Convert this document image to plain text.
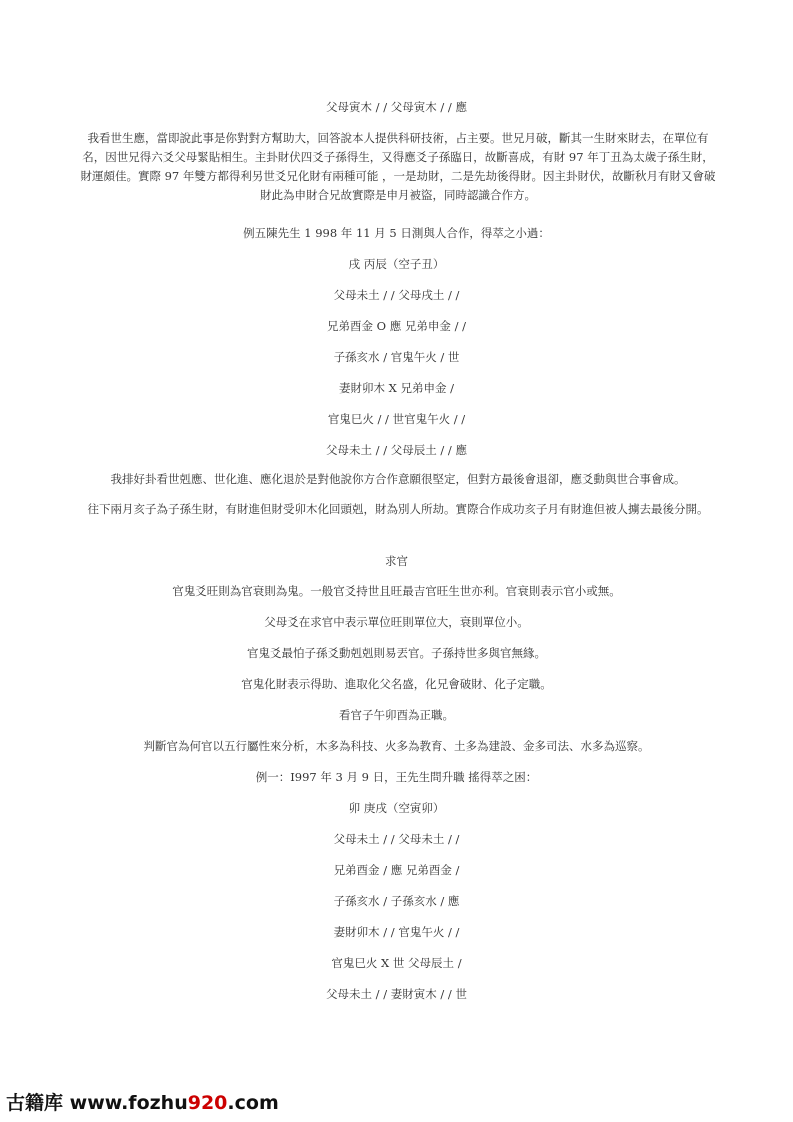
父母寅木 / / 父母寅木 / / 應
我看世生應，當即說此事是你對對方幫助大，回答說本人提供科研技術，占主要。世兄月破，斷其一生財來財去，在單位有名，因世兄得六爻父母緊貼相生。主卦財伏四爻子孫得生，又得應爻子孫臨日，故斷喜成，有財 97 年丁丑為太歲子孫生財，財運頗佳。實際 97 年雙方都得利另世爻兄化財有兩種可能 ，一是劫財，二是先劫後得財。因主卦財伏，故斷秋月有財又會破財此為申財合兄故實際是申月被盜，同時認識合作方。
例五陳先生 1 998 年 11 月 5 日測與人合作，得萃之小過：
戌 丙辰（空子丑）
父母未土 / / 父母戌土 / /
兄弟酉金 O 應 兄弟申金 / /
子孫亥水 / 官鬼午火 / 世
妻財卯木 X 兄弟申金 /
官鬼巳火 / / 世官鬼午火 / /
父母未土 / / 父母辰土 / / 應
我排好卦看世剋應、世化進、應化退於是對他說你方合作意願很堅定，但對方最後會退卻，應爻動與世合事會成。
往下兩月亥子為子孫生財，有財進但財受卯木化回頭剋，財為別人所劫。實際合作成功亥子月有財進但被人擄去最後分開。
求官
官鬼爻旺則為官衰則為鬼。一般官爻持世且旺最吉官旺生世亦利。官衰則表示官小或無。
父母爻在求官中表示單位旺則單位大，衰則單位小。
官鬼爻最怕子孫爻動剋剋則易丟官。子孫持世多與官無緣。
官鬼化財表示得助、進取化父名盛，化兄會破財、化子定職。
看官子午卯酉為正職。
判斷官為何官以五行屬性來分析，木多為科技、火多為教育、土多為建設、金多司法、水多為巡察。
例一：I997 年 3 月 9 日，王先生問升職 搖得萃之困：
卯 庚戌（空寅卯）
父母未土 / / 父母未土 / /
兄弟酉金 / 應 兄弟酉金 /
子孫亥水 / 子孫亥水 / 應
妻財卯木 / / 官鬼午火 / /
官鬼巳火 X 世 父母辰土 /
父母未土 / / 妻財寅木 / / 世
古籍库 www.fozhu920.com
